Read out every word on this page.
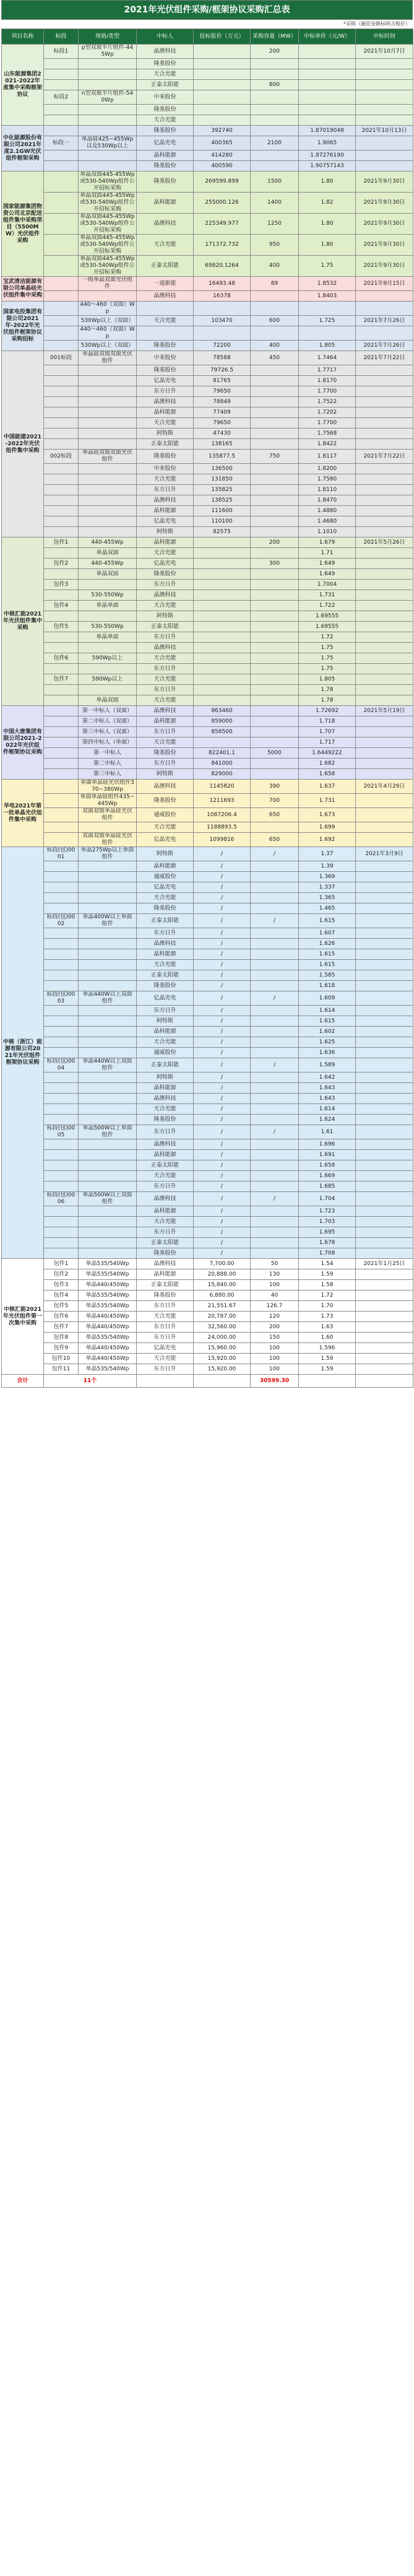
2021年光伏组件采购/框架协议采购汇总表
*采购（融资金额标明含税价）
项目名称	标段	规格/类型	中标人	投标报价（万元）	采购容量（MW）	中标单价（元/W）	中标时间
山东能源集团2021-2022年度集中采购框架协议	标段1	p型双玻半片组件-445Wp	晶澳科技		200		2021年10月7日
			隆基股份				
			天合光能				
			正泰太阳能		800		
	标段2	n型双玻半片组件-540Wp	中来股份				
			隆基股份				
			天合光能				
中化能源股份有限公司2021年度2.1GW光伏组件框架采购			隆基股份	392740		1.87019048	2021年10月13日
	标段一	单晶硅425~455Wp以及530Wp以上	亿晶光电	400365	2100	1.9065	
			晶科能源	414280		1.97276190	
			隆基股份	400590		1.90757143	
国家能源集团物资公司北京配送组件集中采购项目（5500MW）光伏组件采购		单晶双面445-455Wp或530-540Wp组件公开招标采购	隆基股份	269599.899	1500	1.80	2021年9月30日
		单晶双面445-455Wp或530-540Wp组件公开招标采购	晶科能源	255000.126	1400	1.82	2021年9月30日
		单晶双面445-455Wp或530-540Wp组件公开招标采购	晶澳科技	225349.977	1250	1.80	2021年9月30日
		单晶双面445-455Wp或530-540Wp组件公开招标采购	天合光能	171372.732	950	1.80	2021年9月30日
		单晶双面445-455Wp或530-540Wp组件公开招标采购	正泰太阳能	69820.1264	400	1.75	2021年9月30日
宝武清洁能源有限公司单晶硅光伏组件集中采购		一级单晶双面光伏组件	一道新能	16493.48	89	1.8532	2021年9月15日
			晶澳科技	16378		1.8403	
国家电投集团有限公司2021年-2022年光伏组件框架协议采购招标		440～460（双面）Wp					
		530Wp以上（双面）	天合光能	103470	600	1.725	2021年7月26日
		440～460（双面）Wp					
		530Wp以上（双面）	隆基股份	72200	400	1.805	2021年7月26日
中国能建2021-2022年光伏组件集中采购	001标段	单晶硅双玻双面光伏组件	中来股份	78588	450	1.7464	2021年7月22日
			隆基股份	79726.5		1.7717	
			亿晶光电	81765		1.8170	
			东方日升	79650		1.7700	
			晶澳科技	78849		1.7522	
			晶科能源	77409		1.7202	
			天合光能	79650		1.7700	
			阿特斯	47430		1.7568	
			正泰太阳能	138165		1.8422	
	002标段	单晶硅双玻双面光伏组件	隆基股份	135877.5	750	1.8117	2021年7月22日
			中来股份	136500		1.8200	
			天合光能	131850		1.7580	
			东方日升	135825		1.8110	
			晶澳科技	138525		1.8470	
			晶科能源	111600		1.4880	
			亿晶光电	110100		1.4680	
			阿特斯	82575		1.1010	
中核汇能2021年光伏组件集中采购	包件1	440-455Wp	晶科能源		200	1.679	2021年5月26日
		单晶双面	天合光能			1.71	
	包件2	440-455Wp	亿晶光电		300	1.649	
		单晶双面	隆基股份			1.649	
	包件3		东方日升			1.7004	
		530-550Wp	晶澳科技			1.731	
	包件4	单晶单面	天合光能			1.722	
			阿特斯			1.69555	
	包件5	530-550Wp	正泰太阳能			1.69555	
		单晶单面	东方日升			1.72	
			晶澳科技			1.75	
	包件6	590Wp以上	天合光能			1.75	
			东方日升			1.75	
	包件7	590Wp以上	天合光能			1.805	
			东方日升			1.78	
		单晶双面	天合光能			1.78	
中国大唐集团有限公司2021-2022年光伏组件框架协议采购		第一中标人（双面）	晶澳科技	863460		1.72692	2021年5月19日
		第二中标人（双面）	晶科能源	859000		1.718	
		第三中标人（双面）	东方日升	858500		1.707	
		第四中标人（单面）	天合光能			1.717	
		第一中标人	隆基股份	822401.1	5000	1.6449222	
		第二中标人	东方日升	841000		1.682	
		第三中标人	阿特斯	829000		1.658	
华电2021年第一批单晶光伏组件集中采购		单面单晶硅光伏组件370~380Wp	晶澳科技	1145820	390	1.637	2021年4月29日
		单面单晶硅组件435~445Wp	隆基股份	1211693	700	1.731	
		双面双玻单晶硅光伏组件	通威股份	1087206.4	650	1.673	
			天合光能	1188893.5		1.699	
		双面双玻单晶硅光伏组件	亿晶光电	1099816	650	1.692	
中核（浙江）能源有限公司2021年光伏组件框架协议采购	标段(包)0001	单晶275Wp以上单面组件	阿特斯	/	/	1.37	2021年3月9日
			晶科能源	/		1.39	
			通威股份	/		1.369	
			亿晶光电	/		1.337	
			天合光能	/		1.365	
			隆基股份	/		1.465	
	标段(包)0002	单晶400W以上单面组件	正泰太阳能	/	/	1.615	
			东方日升	/		1.607	
			晶澳科技	/		1.626	
			晶科能源	/		1.615	
			天合光能	/		1.615	
			正泰太阳能	/		1.585	
			隆基股份	/		1.618	
	标段(包)0003	单晶440W以上双面组件	亿晶光电	/	/	1.609	
			东方日升	/		1.614	
			阿特斯	/		1.615	
			晶科能源	/		1.602	
			天合光能	/		1.625	
			通威股份	/		1.636	
	标段(包)0004	单晶440W以上双面组件	正泰太阳能	/	/	1.589	
			阿特斯	/		1.642	
			晶科能源	/		1.643	
			晶澳科技	/		1.643	
			天合光能	/		1.614	
			隆基股份	/		1.624	
	标段(包)0005	单晶500W以上单面组件	东方日升	/	/	1.61	
			晶澳科技	/		1.696	
			晶科能源	/		1.691	
			正泰太阳能	/		1.658	
			天合光能	/		1.669	
			东方日升	/		1.685	
	标段(包)0006	单晶500W以上双面组件	晶澳科技	/	/	1.704	
			晶科能源	/		1.723	
			天合光能	/		1.703	
			东方日升	/		1.695	
			正泰太阳能	/		1.678	
			隆基股份	/		1.708	
中核汇能2021年光伏组件第一次集中采购	包件1	单晶535/540Wp	晶澳科技	7,700.00	50	1.54	2021年1月25日
	包件2	单晶535/540Wp	晶科能源	20,888.00	130	1.59	
	包件3	单晶440/450Wp	正泰太阳能	15,840.00	100	1.58	
	包件4	单晶535/540Wp	隆基股份	6,880.00	40	1.72	
	包件5	单晶535/540Wp	东方日升	21,551.67	126.7	1.70	
	包件6	单晶440/450Wp	天合光能	20,787.00	120	1.73	
	包件7	单晶440/450Wp	东方日升	32,560.00	200	1.63	
	包件8	单晶535/540Wp	东方日升	24,000.00	150	1.60	
	包件9	单晶440/450Wp	亿晶光电	15,960.00	100	1.596	
	包件10	单晶440/450Wp	天合光能	15,920.00	100	1.59	
	包件11	单晶535/540Wp	东方日升	15,920.00	100	1.59	
合计	11个				30599.30		
